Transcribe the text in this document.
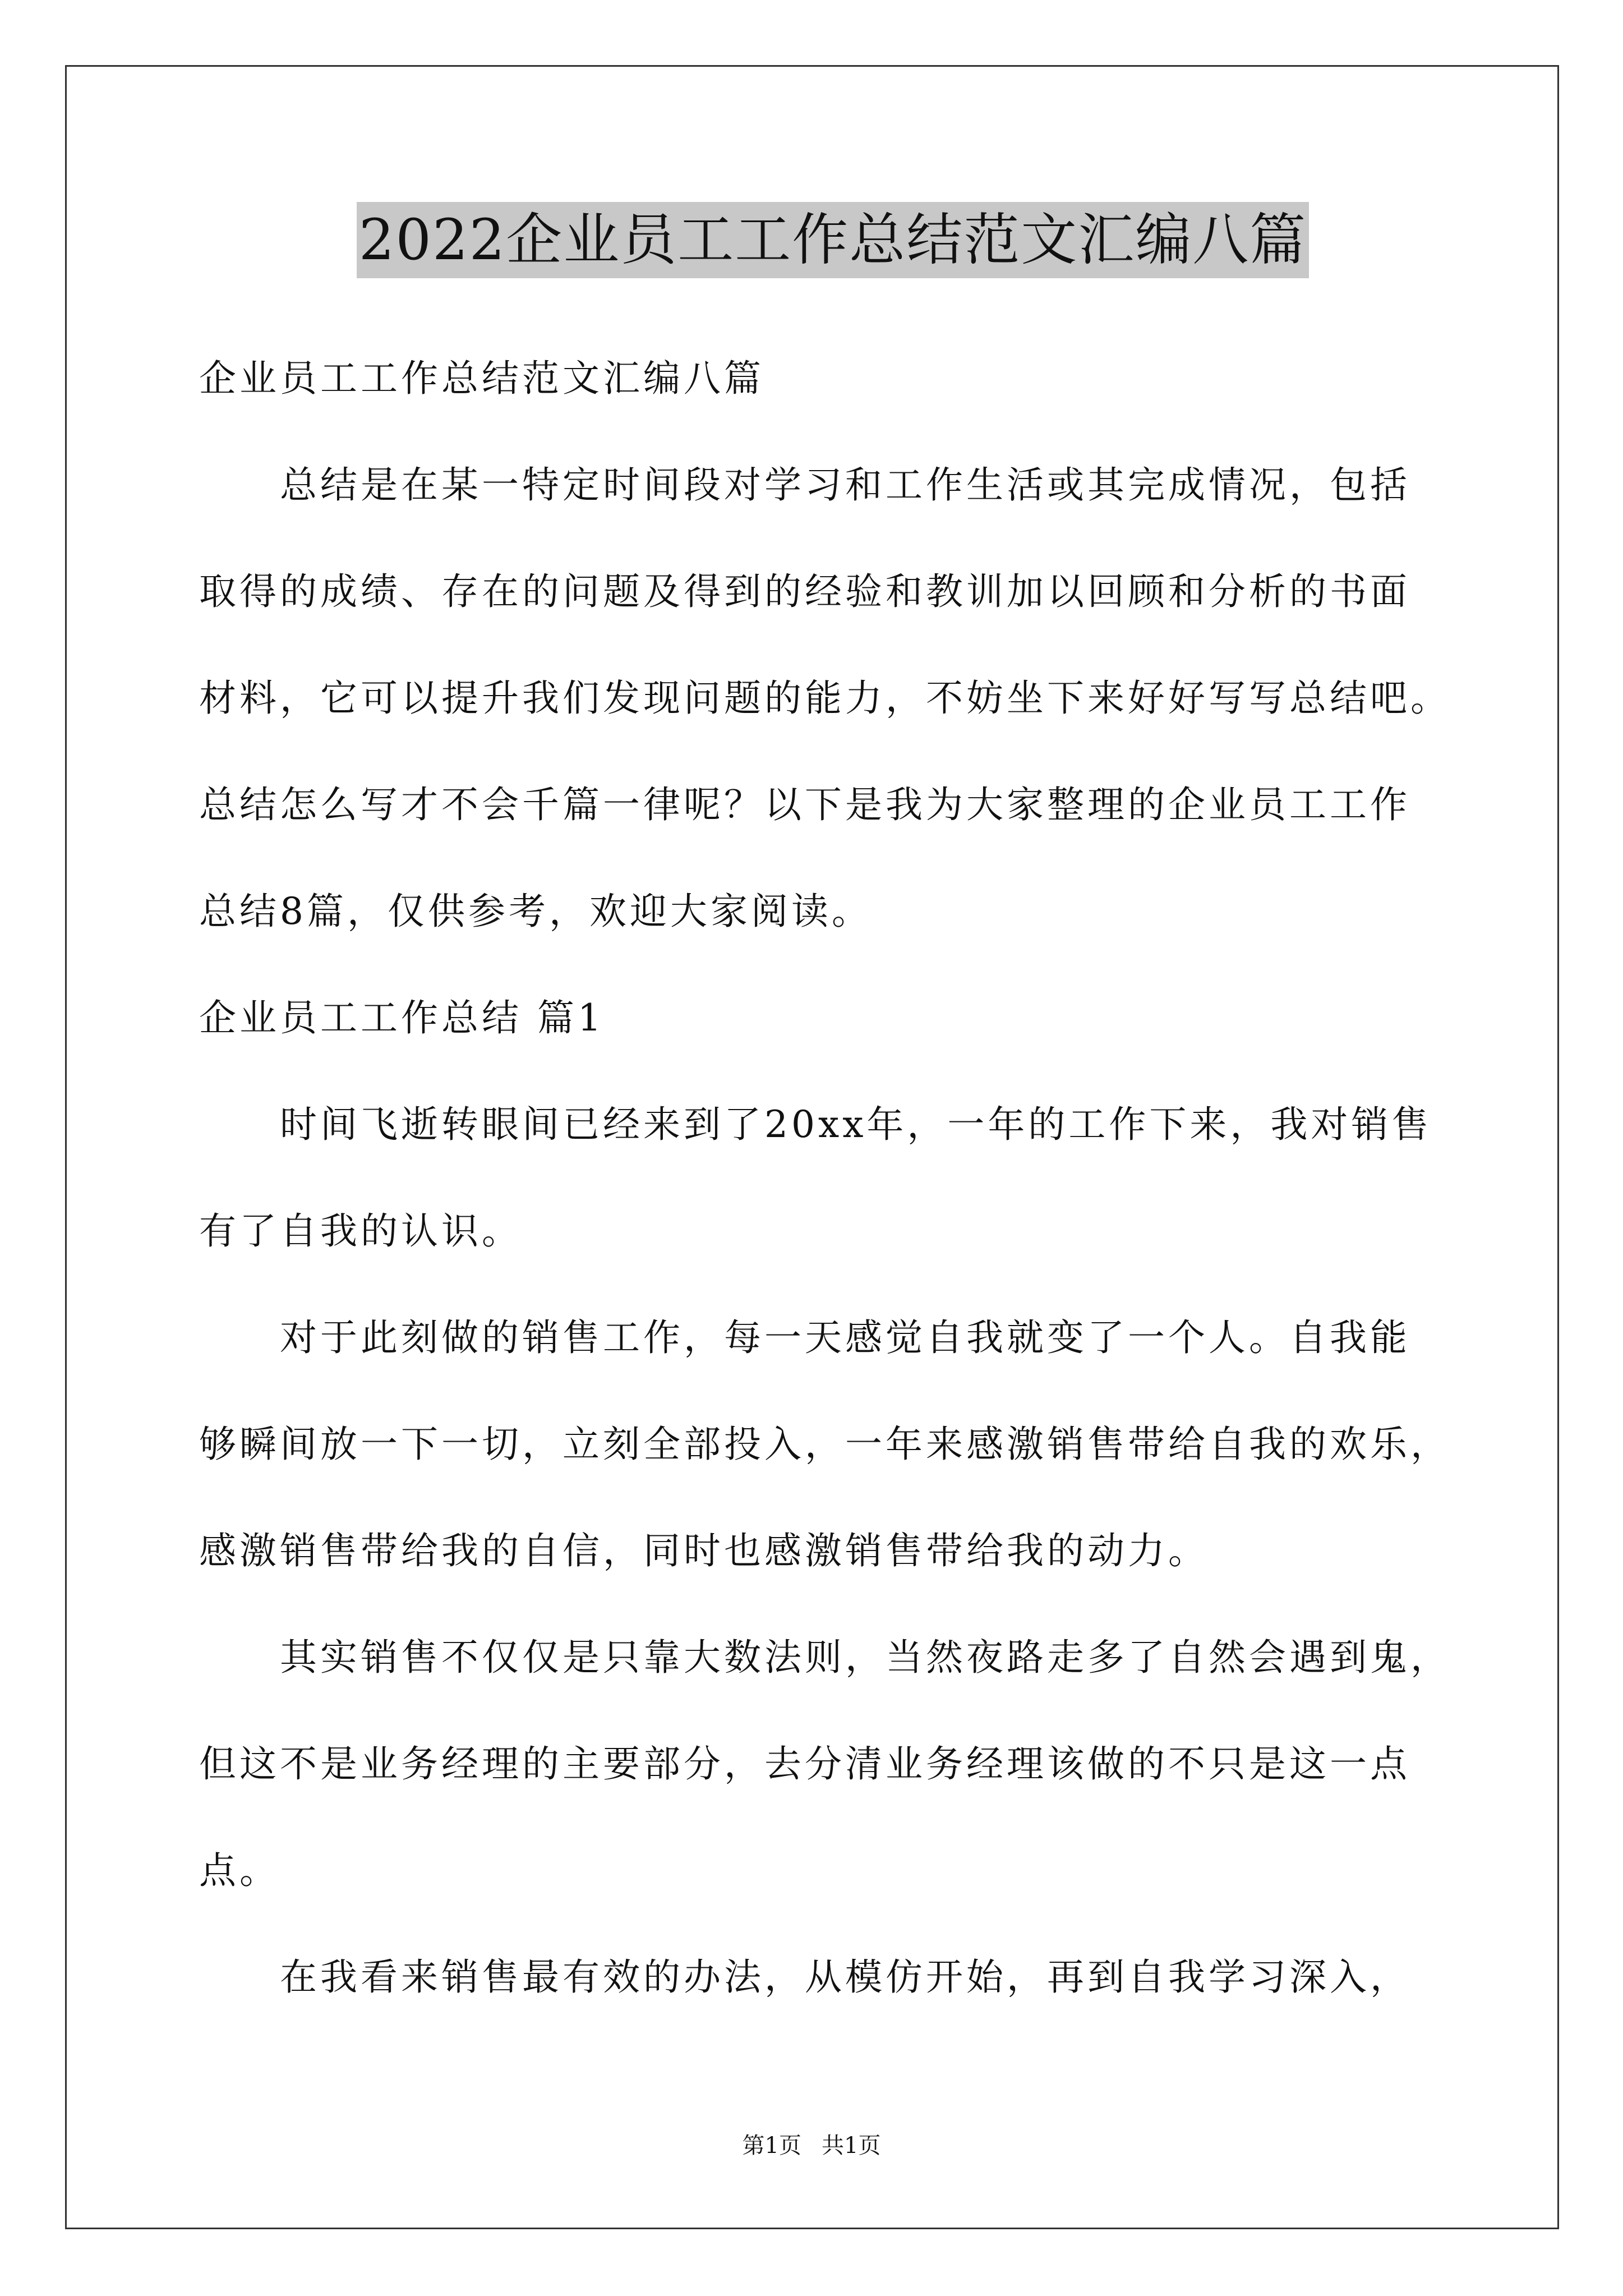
2022企业员工工作总结范文汇编八篇
企业员工工作总结范文汇编八篇
　　总结是在某一特定时间段对学习和工作生活或其完成情况，包括
取得的成绩、存在的问题及得到的经验和教训加以回顾和分析的书面
材料，它可以提升我们发现问题的能力，不妨坐下来好好写写总结吧。
总结怎么写才不会千篇一律呢？以下是我为大家整理的企业员工工作
总结8篇，仅供参考，欢迎大家阅读。
企业员工工作总结 篇1
　　时间飞逝转眼间已经来到了20xx年，一年的工作下来，我对销售
有了自我的认识。
　　对于此刻做的销售工作，每一天感觉自我就变了一个人。自我能
够瞬间放一下一切，立刻全部投入，一年来感激销售带给自我的欢乐，
感激销售带给我的自信，同时也感激销售带给我的动力。
　　其实销售不仅仅是只靠大数法则，当然夜路走多了自然会遇到鬼，
但这不是业务经理的主要部分，去分清业务经理该做的不只是这一点
点。
　　在我看来销售最有效的办法，从模仿开始，再到自我学习深入，
第1页 共1页
